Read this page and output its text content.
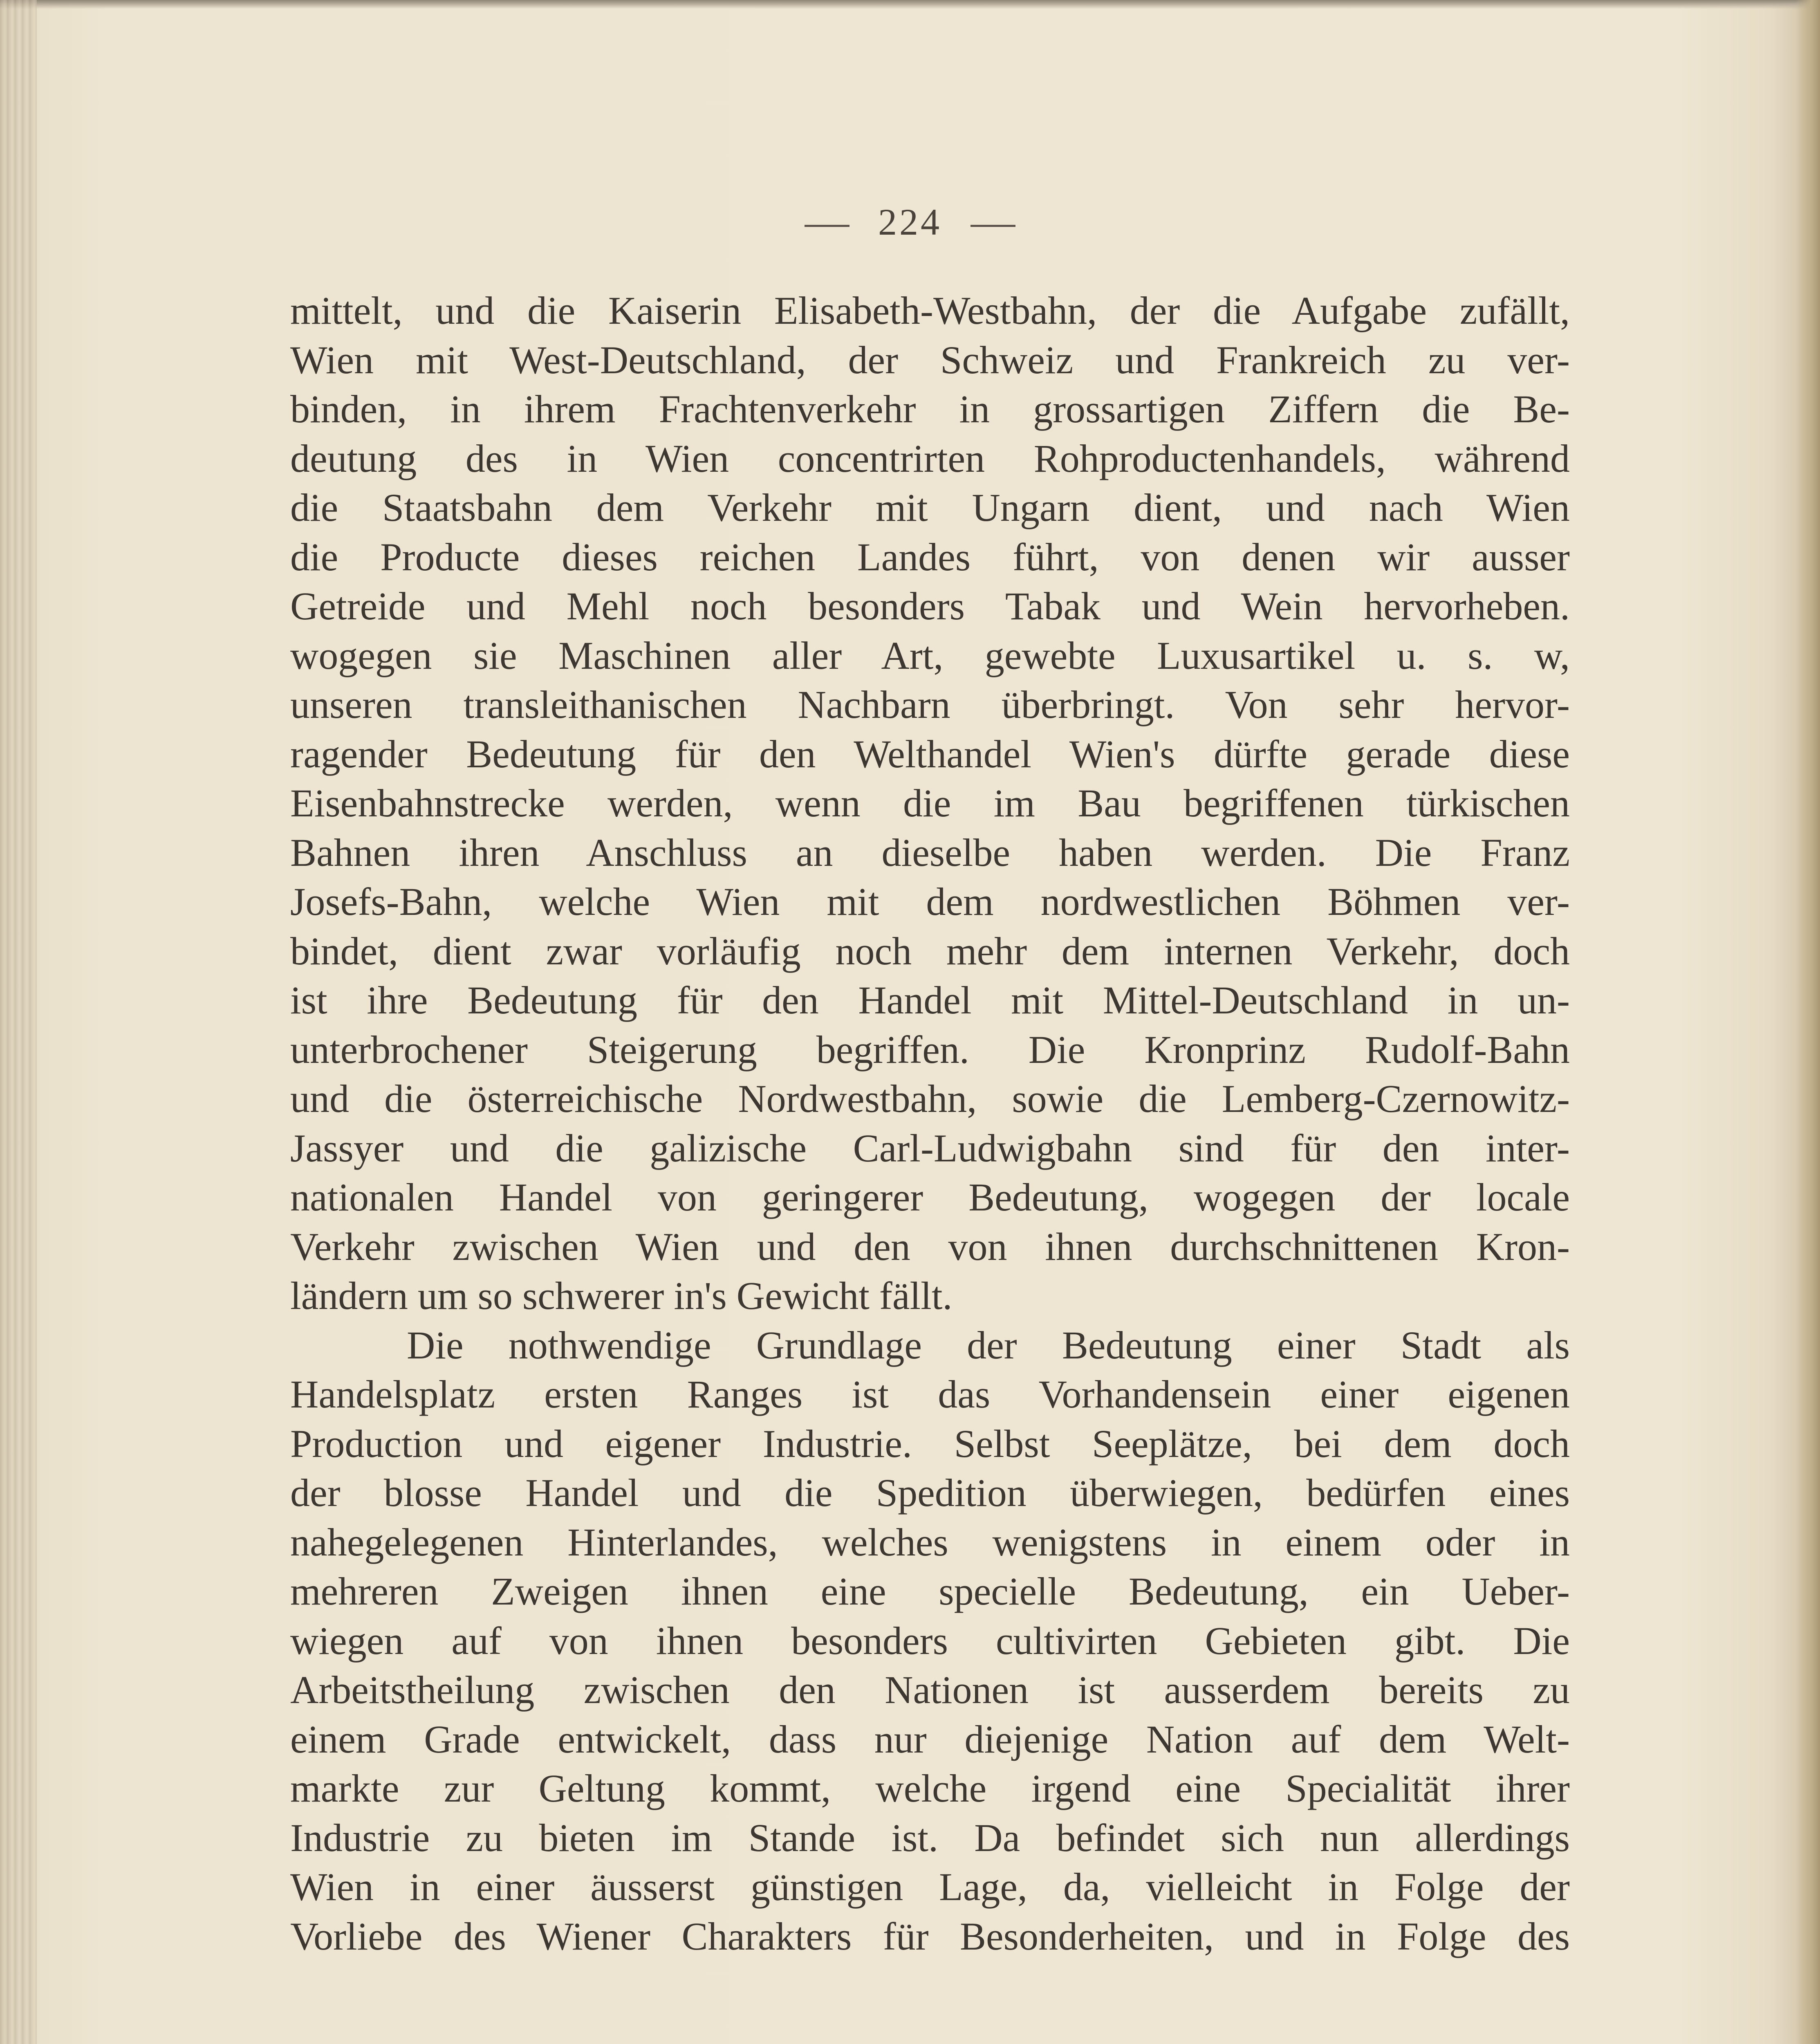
224
mittelt, und die Kaiserin Elisabeth-Westbahn, der die Aufgabe zufällt,
Wien mit West-Deutschland, der Schweiz und Frankreich zu ver-
binden, in ihrem Frachtenverkehr in grossartigen Ziffern die Be-
deutung des in Wien concentrirten Rohproductenhandels, während
die Staatsbahn dem Verkehr mit Ungarn dient, und nach Wien
die Producte dieses reichen Landes führt, von denen wir ausser
Getreide und Mehl noch besonders Tabak und Wein hervorheben.
wogegen sie Maschinen aller Art, gewebte Luxusartikel u. s. w,
unseren transleithanischen Nachbarn überbringt. Von sehr hervor-
ragender Bedeutung für den Welthandel Wien's dürfte gerade diese
Eisenbahnstrecke werden, wenn die im Bau begriffenen türkischen
Bahnen ihren Anschluss an dieselbe haben werden. Die Franz
Josefs-Bahn, welche Wien mit dem nordwestlichen Böhmen ver-
bindet, dient zwar vorläufig noch mehr dem internen Verkehr, doch
ist ihre Bedeutung für den Handel mit Mittel-Deutschland in un-
unterbrochener Steigerung begriffen. Die Kronprinz Rudolf-Bahn
und die österreichische Nordwestbahn, sowie die Lemberg-Czernowitz-
Jassyer und die galizische Carl-Ludwigbahn sind für den inter-
nationalen Handel von geringerer Bedeutung, wogegen der locale
Verkehr zwischen Wien und den von ihnen durchschnittenen Kron-
ländern um so schwerer in's Gewicht fällt.
Die nothwendige Grundlage der Bedeutung einer Stadt als
Handelsplatz ersten Ranges ist das Vorhandensein einer eigenen
Production und eigener Industrie. Selbst Seeplätze, bei dem doch
der blosse Handel und die Spedition überwiegen, bedürfen eines
nahegelegenen Hinterlandes, welches wenigstens in einem oder in
mehreren Zweigen ihnen eine specielle Bedeutung, ein Ueber-
wiegen auf von ihnen besonders cultivirten Gebieten gibt. Die
Arbeitstheilung zwischen den Nationen ist ausserdem bereits zu
einem Grade entwickelt, dass nur diejenige Nation auf dem Welt-
markte zur Geltung kommt, welche irgend eine Specialität ihrer
Industrie zu bieten im Stande ist. Da befindet sich nun allerdings
Wien in einer äusserst günstigen Lage, da, vielleicht in Folge der
Vorliebe des Wiener Charakters für Besonderheiten, und in Folge des
